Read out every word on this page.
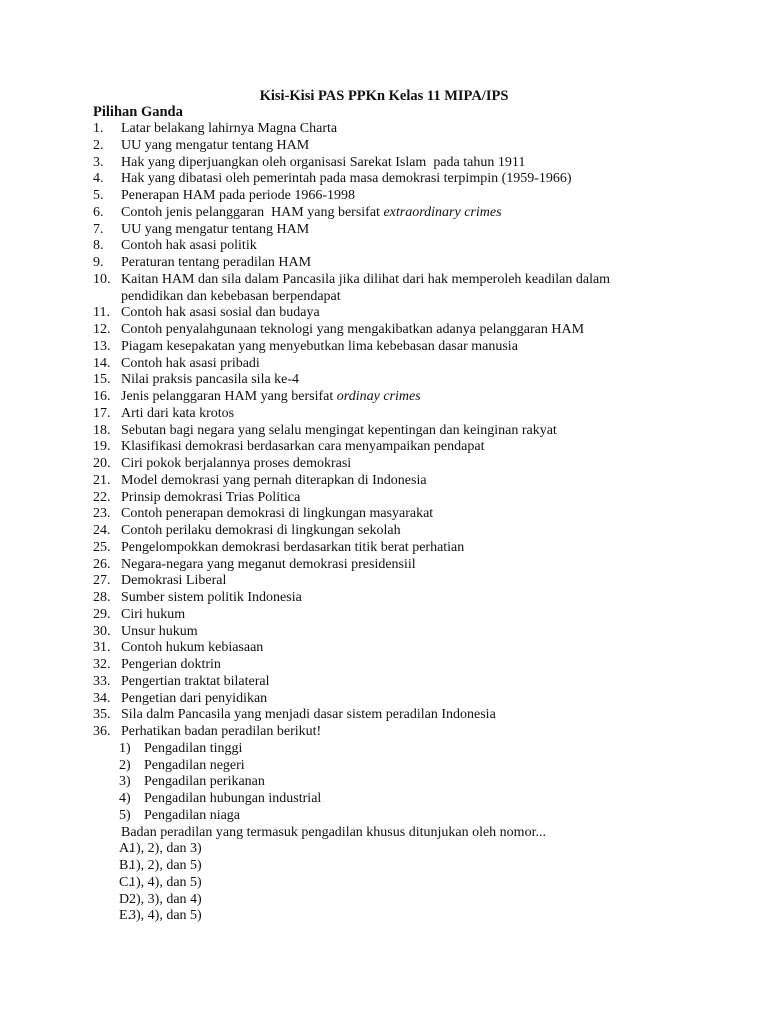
Kisi-Kisi PAS PPKn Kelas 11 MIPA/IPS
Pilihan Ganda
1.	Latar belakang lahirnya Magna Charta
2.	UU yang mengatur tentang HAM
3.	Hak yang diperjuangkan oleh organisasi Sarekat Islam  pada tahun 1911
4.	Hak yang dibatasi oleh pemerintah pada masa demokrasi terpimpin (1959-1966)
5.	Penerapan HAM pada periode 1966-1998
6.	Contoh jenis pelanggaran  HAM yang bersifat extraordinary crimes
7.	UU yang mengatur tentang HAM
8.	Contoh hak asasi politik
9.	Peraturan tentang peradilan HAM
10. Kaitan HAM dan sila dalam Pancasila jika dilihat dari hak memperoleh keadilan dalam
pendidikan dan kebebasan berpendapat
11. Contoh hak asasi sosial dan budaya
12. Contoh penyalahgunaan teknologi yang mengakibatkan adanya pelanggaran HAM
13. Piagam kesepakatan yang menyebutkan lima kebebasan dasar manusia
14. Contoh hak asasi pribadi
15. Nilai praksis pancasila sila ke-4
16. Jenis pelanggaran HAM yang bersifat ordinay crimes
17. Arti dari kata krotos
18. Sebutan bagi negara yang selalu mengingat kepentingan dan keinginan rakyat
19. Klasifikasi demokrasi berdasarkan cara menyampaikan pendapat
20. Ciri pokok berjalannya proses demokrasi
21. Model demokrasi yang pernah diterapkan di Indonesia
22. Prinsip demokrasi Trias Politica
23. Contoh penerapan demokrasi di lingkungan masyarakat
24. Contoh perilaku demokrasi di lingkungan sekolah
25. Pengelompokkan demokrasi berdasarkan titik berat perhatian
26. Negara-negara yang meganut demokrasi presidensiil
27. Demokrasi Liberal
28. Sumber sistem politik Indonesia
29. Ciri hukum
30. Unsur hukum
31. Contoh hukum kebiasaan
32. Pengerian doktrin
33. Pengertian traktat bilateral
34. Pengetian dari penyidikan
35. Sila dalm Pancasila yang menjadi dasar sistem peradilan Indonesia
36. Perhatikan badan peradilan berikut!
1) Pengadilan tinggi
2) Pengadilan negeri
3) Pengadilan perikanan
4) Pengadilan hubungan industrial
5) Pengadilan niaga
Badan peradilan yang termasuk pengadilan khusus ditunjukan oleh nomor...
A.
1), 2), dan 3)
B.
1), 2), dan 5)
C.
1), 4), dan 5)
D.
2), 3), dan 4)
E.
3), 4), dan 5)
